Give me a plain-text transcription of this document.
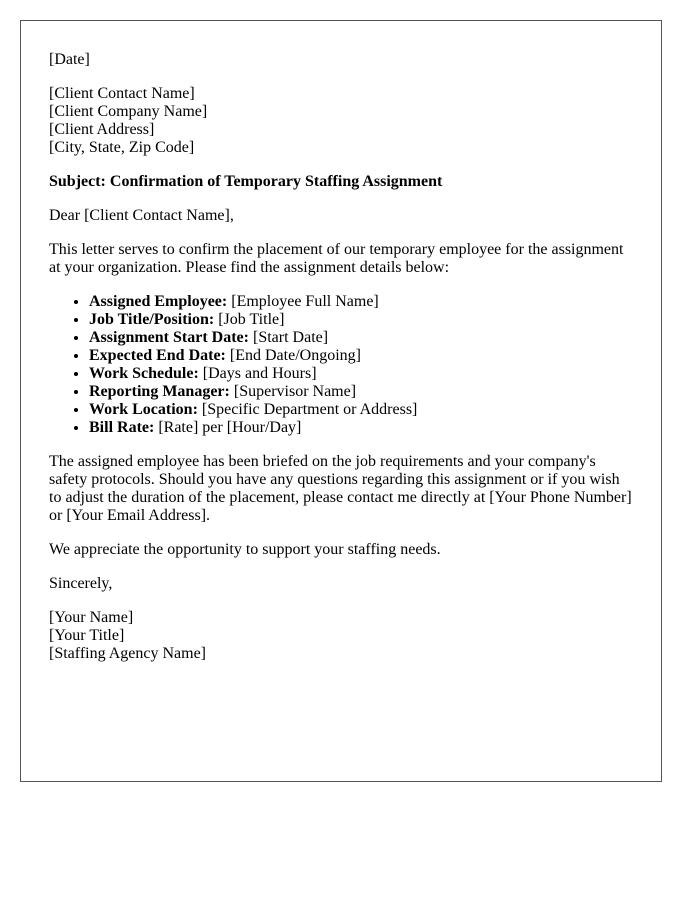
[Date]

[Client Contact Name]
[Client Company Name]
[Client Address]
[City, State, Zip Code]

Subject: Confirmation of Temporary Staffing Assignment

Dear [Client Contact Name],

This letter serves to confirm the placement of our temporary employee for the assignment at your organization. Please find the assignment details below:

• Assigned Employee: [Employee Full Name]
• Job Title/Position: [Job Title]
• Assignment Start Date: [Start Date]
• Expected End Date: [End Date/Ongoing]
• Work Schedule: [Days and Hours]
• Reporting Manager: [Supervisor Name]
• Work Location: [Specific Department or Address]
• Bill Rate: [Rate] per [Hour/Day]

The assigned employee has been briefed on the job requirements and your company's safety protocols. Should you have any questions regarding this assignment or if you wish to adjust the duration of the placement, please contact me directly at [Your Phone Number] or [Your Email Address].

We appreciate the opportunity to support your staffing needs.

Sincerely,

[Your Name]
[Your Title]
[Staffing Agency Name]
